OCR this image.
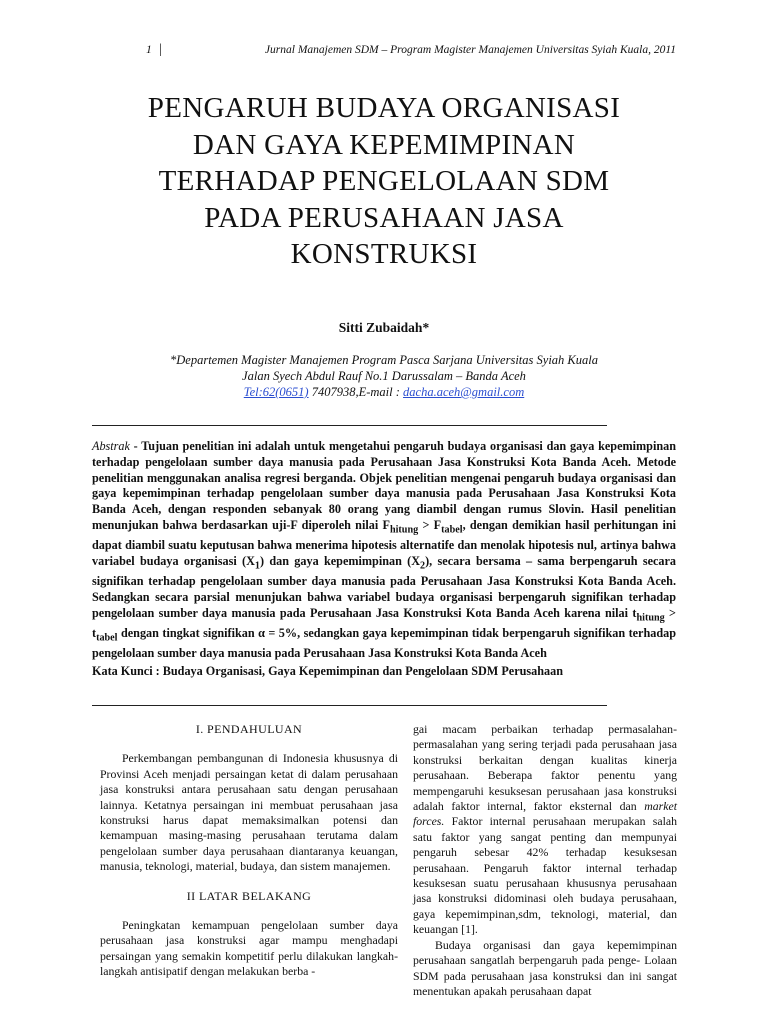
1 |	Jurnal Manajemen SDM – Program Magister Manajemen Universitas Syiah Kuala, 2011
PENGARUH BUDAYA ORGANISASI
DAN GAYA KEPEMIMPINAN
TERHADAP PENGELOLAAN SDM
PADA PERUSAHAAN JASA
KONSTRUKSI
Sitti Zubaidah*
*Departemen Magister Manajemen Program Pasca Sarjana Universitas Syiah Kuala
Jalan Syech Abdul Rauf No.1 Darussalam – Banda Aceh
Tel:62(0651) 7407938,E-mail : dacha.aceh@gmail.com
Abstrak - Tujuan penelitian ini adalah untuk mengetahui pengaruh budaya organisasi dan gaya kepemimpinan terhadap pengelolaan sumber daya manusia pada Perusahaan Jasa Konstruksi Kota Banda Aceh. Metode penelitian menggunakan analisa regresi berganda. Objek penelitian mengenai pengaruh budaya organisasi dan gaya kepemimpinan terhadap pengelolaan sumber daya manusia pada Perusahaan Jasa Konstruksi Kota Banda Aceh, dengan responden sebanyak 80 orang yang diambil dengan rumus Slovin. Hasil penelitian menunjukan bahwa berdasarkan uji-F diperoleh nilai $F_{hitung} > F_{tabel}$, dengan demikian hasil perhitungan ini dapat diambil suatu keputusan bahwa menerima hipotesis alternatife dan menolak hipotesis nul, artinya bahwa variabel budaya organisasi $(X_1)$ dan gaya kepemimpinan $(X_2)$, secara bersama – sama berpengaruh secara signifikan terhadap pengelolaan sumber daya manusia pada Perusahaan Jasa Konstruksi Kota Banda Aceh. Sedangkan secara parsial menunjukan bahwa variabel budaya organisasi berpengaruh signifikan terhadap pengelolaan sumber daya manusia pada Perusahaan Jasa Konstruksi Kota Banda Aceh karena nilai $t_{hitung} > t_{tabel}$ dengan tingkat signifikan α = 5%, sedangkan gaya kepemimpinan tidak berpengaruh signifikan terhadap pengelolaan sumber daya manusia pada Perusahaan Jasa Konstruksi Kota Banda Aceh
Kata Kunci : Budaya Organisasi, Gaya Kepemimpinan dan Pengelolaan SDM Perusahaan
I. PENDAHULUAN
Perkembangan pembangunan di Indonesia khususnya di Provinsi Aceh menjadi persaingan ketat di dalam perusahaan jasa konstruksi antara perusahaan satu dengan perusahaan lainnya. Ketatnya persaingan ini membuat perusahaan jasa konstruksi harus dapat memaksimalkan potensi dan kemampuan masing-masing perusahaan terutama dalam pengelolaan sumber daya perusahaan diantaranya keuangan, manusia, teknologi, material, budaya, dan sistem manajemen.
II LATAR BELAKANG
Peningkatan kemampuan pengelolaan sumber daya perusahaan jasa konstruksi agar mampu menghadapi persaingan yang semakin kompetitif perlu dilakukan langkah-langkah antisipatif dengan melakukan berba -
gai macam perbaikan terhadap permasalahan-permasalahan yang sering terjadi pada perusahaan jasa konstruksi berkaitan dengan kualitas kinerja perusahaan. Beberapa faktor penentu yang mempengaruhi kesuksesan perusahaan jasa konstruksi adalah faktor internal, faktor eksternal dan market forces. Faktor internal perusahaan merupakan salah satu faktor yang sangat penting dan mempunyai pengaruh sebesar 42% terhadap kesuksesan perusahaan. Pengaruh faktor internal terhadap kesuksesan suatu perusahaan khususnya perusahaan jasa konstruksi didominasi oleh budaya perusahaan, gaya kepemimpinan,sdm, teknologi, material, dan keuangan [1].
Budaya organisasi dan gaya kepemimpinan perusahaan sangatlah berpengaruh pada penge- Lolaan SDM pada perusahaan jasa konstruksi dan ini sangat menentukan apakah perusahaan dapat
